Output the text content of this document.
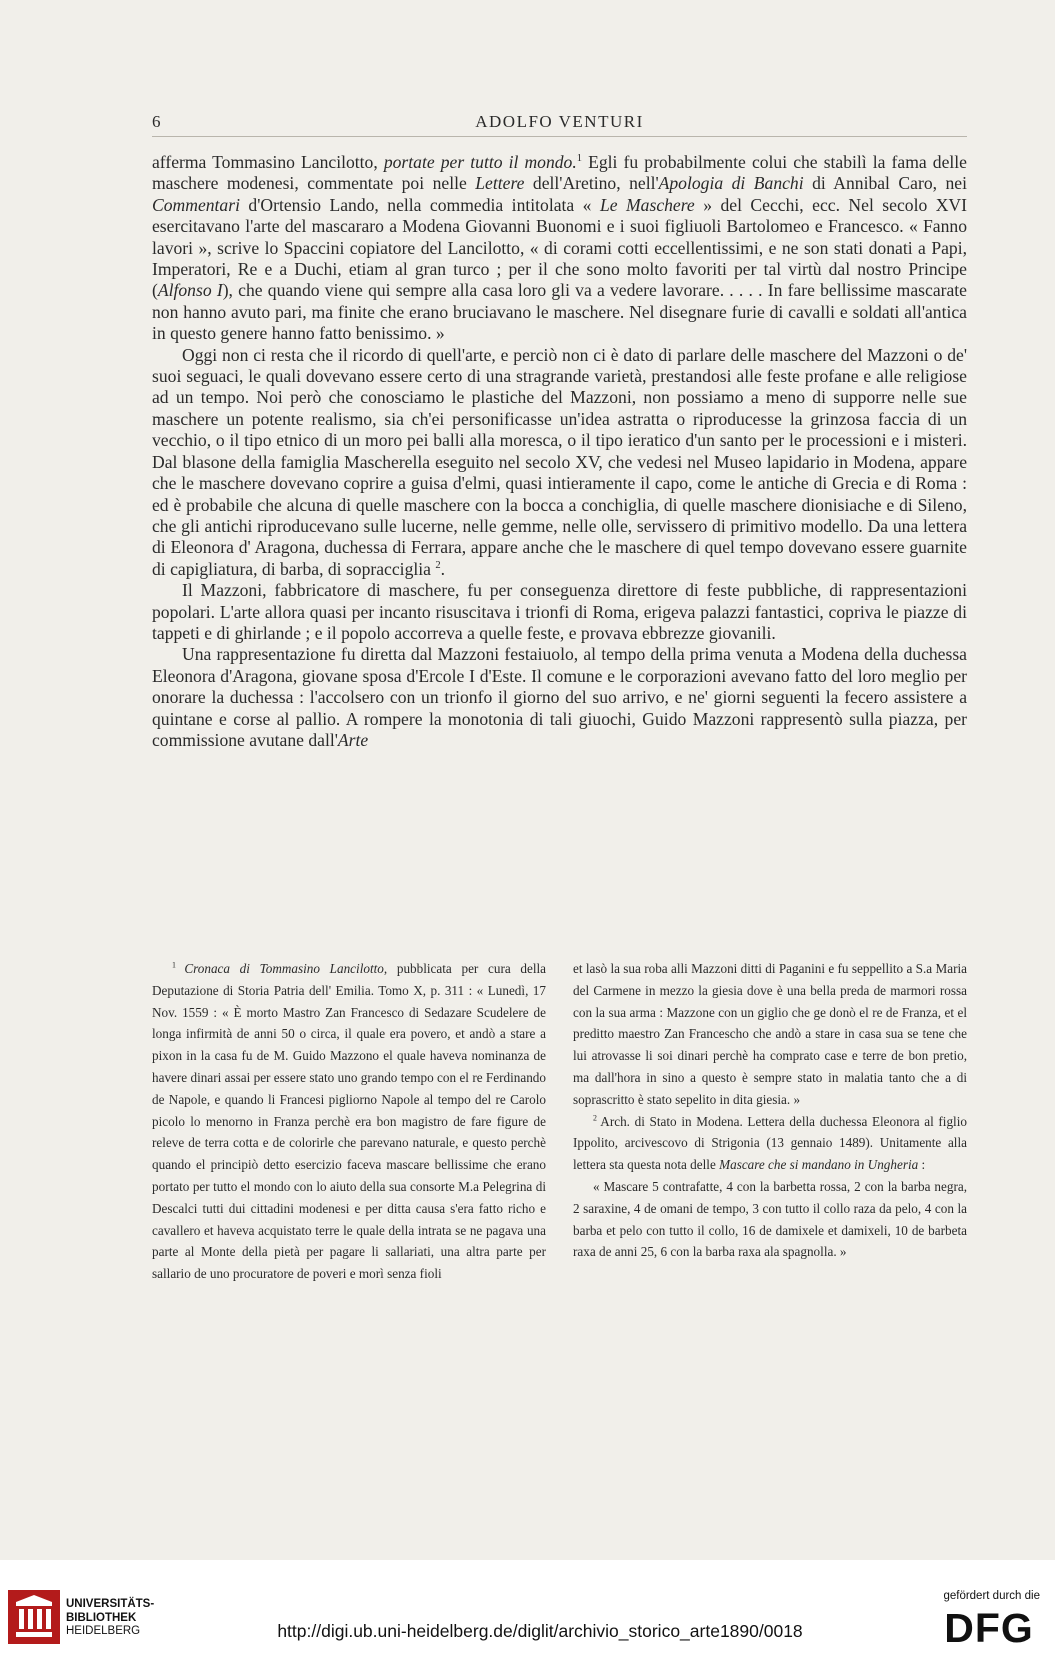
6	ADOLFO VENTURI

afferma Tommasino Lancilotto, portate per tutto il mondo.$^1$ Egli fu probabilmente colui che stabilì la fama delle maschere modenesi, commentate poi nelle Lettere dell'Aretino, nell'Apologia di Banchi di Annibal Caro, nei Commentari d'Ortensio Lando, nella commedia intitolata « Le Maschere » del Cecchi, ecc. Nel secolo XVI esercitavano l'arte del mascararo a Modena Giovanni Buonomi e i suoi figliuoli Bartolomeo e Francesco. « Fanno lavori », scrive lo Spaccini copiatore del Lancilotto, « di corami cotti eccellentissimi, e ne son stati donati a Papi, Imperatori, Re e a Duchi, etiam al gran turco ; per il che sono molto favoriti per tal virtù dal nostro Principe (Alfonso I), che quando viene qui sempre alla casa loro gli va a vedere lavorare. . . . . In fare bellissime mascarate non hanno avuto pari, ma finite che erano bruciavano le maschere. Nel disegnare furie di cavalli e soldati all'antica in questo genere hanno fatto benissimo. »

Oggi non ci resta che il ricordo di quell'arte, e perciò non ci è dato di parlare delle maschere del Mazzoni o de' suoi seguaci, le quali dovevano essere certo di una stragrande varietà, prestandosi alle feste profane e alle religiose ad un tempo. Noi però che conosciamo le plastiche del Mazzoni, non possiamo a meno di supporre nelle sue maschere un potente realismo, sia ch'ei personificasse un'idea astratta o riproducesse la grinzosa faccia di un vecchio, o il tipo etnico di un moro pei balli alla moresca, o il tipo ieratico d'un santo per le processioni e i misteri. Dal blasone della famiglia Mascherella eseguito nel secolo XV, che vedesi nel Museo lapidario in Modena, appare che le maschere dovevano coprire a guisa d'elmi, quasi intieramente il capo, come le antiche di Grecia e di Roma : ed è probabile che alcuna di quelle maschere con la bocca a conchiglia, di quelle maschere dionisiache e di Sileno, che gli antichi riproducevano sulle lucerne, nelle gemme, nelle olle, servissero di primitivo modello. Da una lettera di Eleonora d' Aragona, duchessa di Ferrara, appare anche che le maschere di quel tempo dovevano essere guarnite di capigliatura, di barba, di sopracciglia $^2$.

Il Mazzoni, fabbricatore di maschere, fu per conseguenza direttore di feste pubbliche, di rappresentazioni popolari. L'arte allora quasi per incanto risuscitava i trionfi di Roma, erigeva palazzi fantastici, copriva le piazze di tappeti e di ghirlande ; e il popolo accorreva a quelle feste, e provava ebbrezze giovanili.

Una rappresentazione fu diretta dal Mazzoni festaiuolo, al tempo della prima venuta a Modena della duchessa Eleonora d'Aragona, giovane sposa d'Ercole I d'Este. Il comune e le corporazioni avevano fatto del loro meglio per onorare la duchessa : l'accolsero con un trionfo il giorno del suo arrivo, e ne' giorni seguenti la fecero assistere a quintane e corse al pallio. A rompere la monotonia di tali giuochi, Guido Mazzoni rappresentò sulla piazza, per commissione avutane dall'Arte

$^1$ Cronaca di Tommasino Lancilotto, pubblicata per cura della Deputazione di Storia Patria dell' Emilia. Tomo X, p. 311 : « Lunedì, 17 Nov. 1559 : « È morto Mastro Zan Francesco di Sedazare Scudelere de longa infirmità de anni 50 o circa, il quale era povero, et andò a stare a pixon in la casa fu de M. Guido Mazzono el quale haveva nominanza de havere dinari assai per essere stato uno grando tempo con el re Ferdinando de Napole, e quando li Francesi pigliorno Napole al tempo del re Carolo picolo lo menorno in Franza perchè era bon magistro de fare figure de releve de terra cotta e de colorirle che parevano naturale, e questo perchè quando el principiò detto esercizio faceva mascare bellissime che erano portato per tutto el mondo con lo aiuto della sua consorte M.a Pelegrina di Descalci tutti dui cittadini modenesi e per ditta causa s'era fatto richo e cavallero et haveva acquistato terre le quale della intrata se ne pagava una parte al Monte della pietà per pagare li sallariati, una altra parte per sallario de uno procuratore de poveri e morì senza fioli

et lasò la sua roba alli Mazzoni ditti di Paganini e fu seppellito a S.a Maria del Carmene in mezzo la giesia dove è una bella preda de marmori rossa con la sua arma : Mazzone con un giglio che ge donò el re de Franza, et el preditto maestro Zan Francescho che andò a stare in casa sua se tene che lui atrovasse li soi dinari perchè ha comprato case e terre de bon pretio, ma dall'hora in sino a questo è sempre stato in malatia tanto che a di soprascritto è stato sepelito in dita giesia. »

$^2$ Arch. di Stato in Modena. Lettera della duchessa Eleonora al figlio Ippolito, arcivescovo di Strigonia (13 gennaio 1489). Unitamente alla lettera sta questa nota delle Mascare che si mandano in Ungheria :

« Mascare 5 contrafatte, 4 con la barbetta rossa, 2 con la barba negra, 2 saraxine, 4 de omani de tempo, 3 con tutto il collo raza da pelo, 4 con la barba et pelo con tutto il collo, 16 de damixele et damixeli, 10 de barbeta raxa de anni 25, 6 con la barba raxa ala spagnolla. »

UNIVERSITÄTS-
BIBLIOTHEK
HEIDELBERG	http://digi.ub.uni-heidelberg.de/diglit/archivio_storico_arte1890/0018
gefördert durch die
DFG
